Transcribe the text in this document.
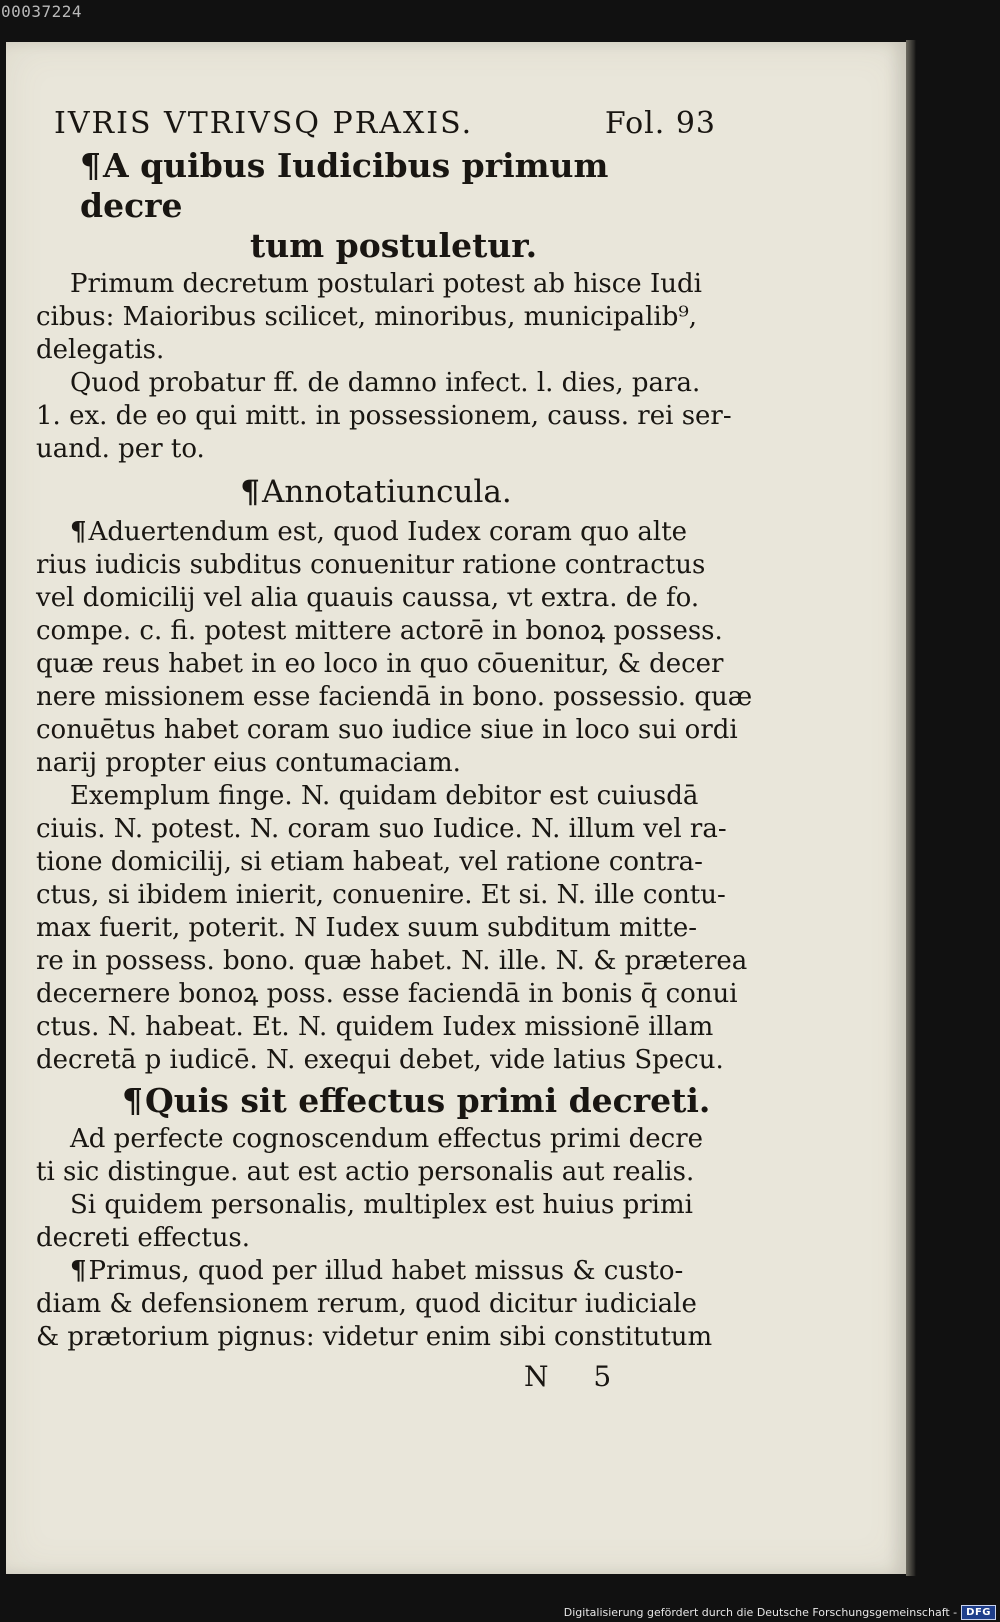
00037224
IVRIS VTRIVSQ PRAXIS.	Fol. 93
¶A quibus Iudicibus primum decre
tum postuletur.
Primum decretum postulari potest ab hisce Iudi
cibus: Maioribus scilicet, minoribus, municipalib⁹,
delegatis.
Quod probatur ff. de damno infect. l. dies, para.
1. ex. de eo qui mitt. in possessionem, causs. rei ser-
uand. per to.
¶Annotatiuncula.
¶Aduertendum est, quod Iudex coram quo alte
rius iudicis subditus conuenitur ratione contractus
vel domicilij vel alia quauis caussa, vt extra. de fo.
compe. c. fi. potest mittere actorē in bonoꝝ possess.
quæ reus habet in eo loco in quo cōuenitur, & decer
nere missionem esse faciendā in bono. possessio. quæ
conuētus habet coram suo iudice siue in loco sui ordi
narij propter eius contumaciam.
Exemplum finge. N. quidam debitor est cuiusdā
ciuis. N. potest. N. coram suo Iudice. N. illum vel ra-
tione domicilij, si etiam habeat, vel ratione contra-
ctus, si ibidem inierit, conuenire. Et si. N. ille contu-
max fuerit, poterit. N Iudex suum subditum mitte-
re in possess. bono. quæ habet. N. ille. N. & præterea
decernere bonoꝝ poss. esse faciendā in bonis q̄ conui
ctus. N. habeat. Et. N. quidem Iudex missionē illam
decretā p iudicē. N. exequi debet, vide latius Specu.
¶Quis sit effectus primi decreti.
Ad perfecte cognoscendum effectus primi decre
ti sic distingue. aut est actio personalis aut realis.
Si quidem personalis, multiplex est huius primi
decreti effectus.
¶Primus, quod per illud habet missus & custo-
diam & defensionem rerum, quod dicitur iudiciale
& prætorium pignus: videtur enim sibi constitutum
N 5
Digitalisierung gefördert durch die Deutsche Forschungsgemeinschaft - DFG
